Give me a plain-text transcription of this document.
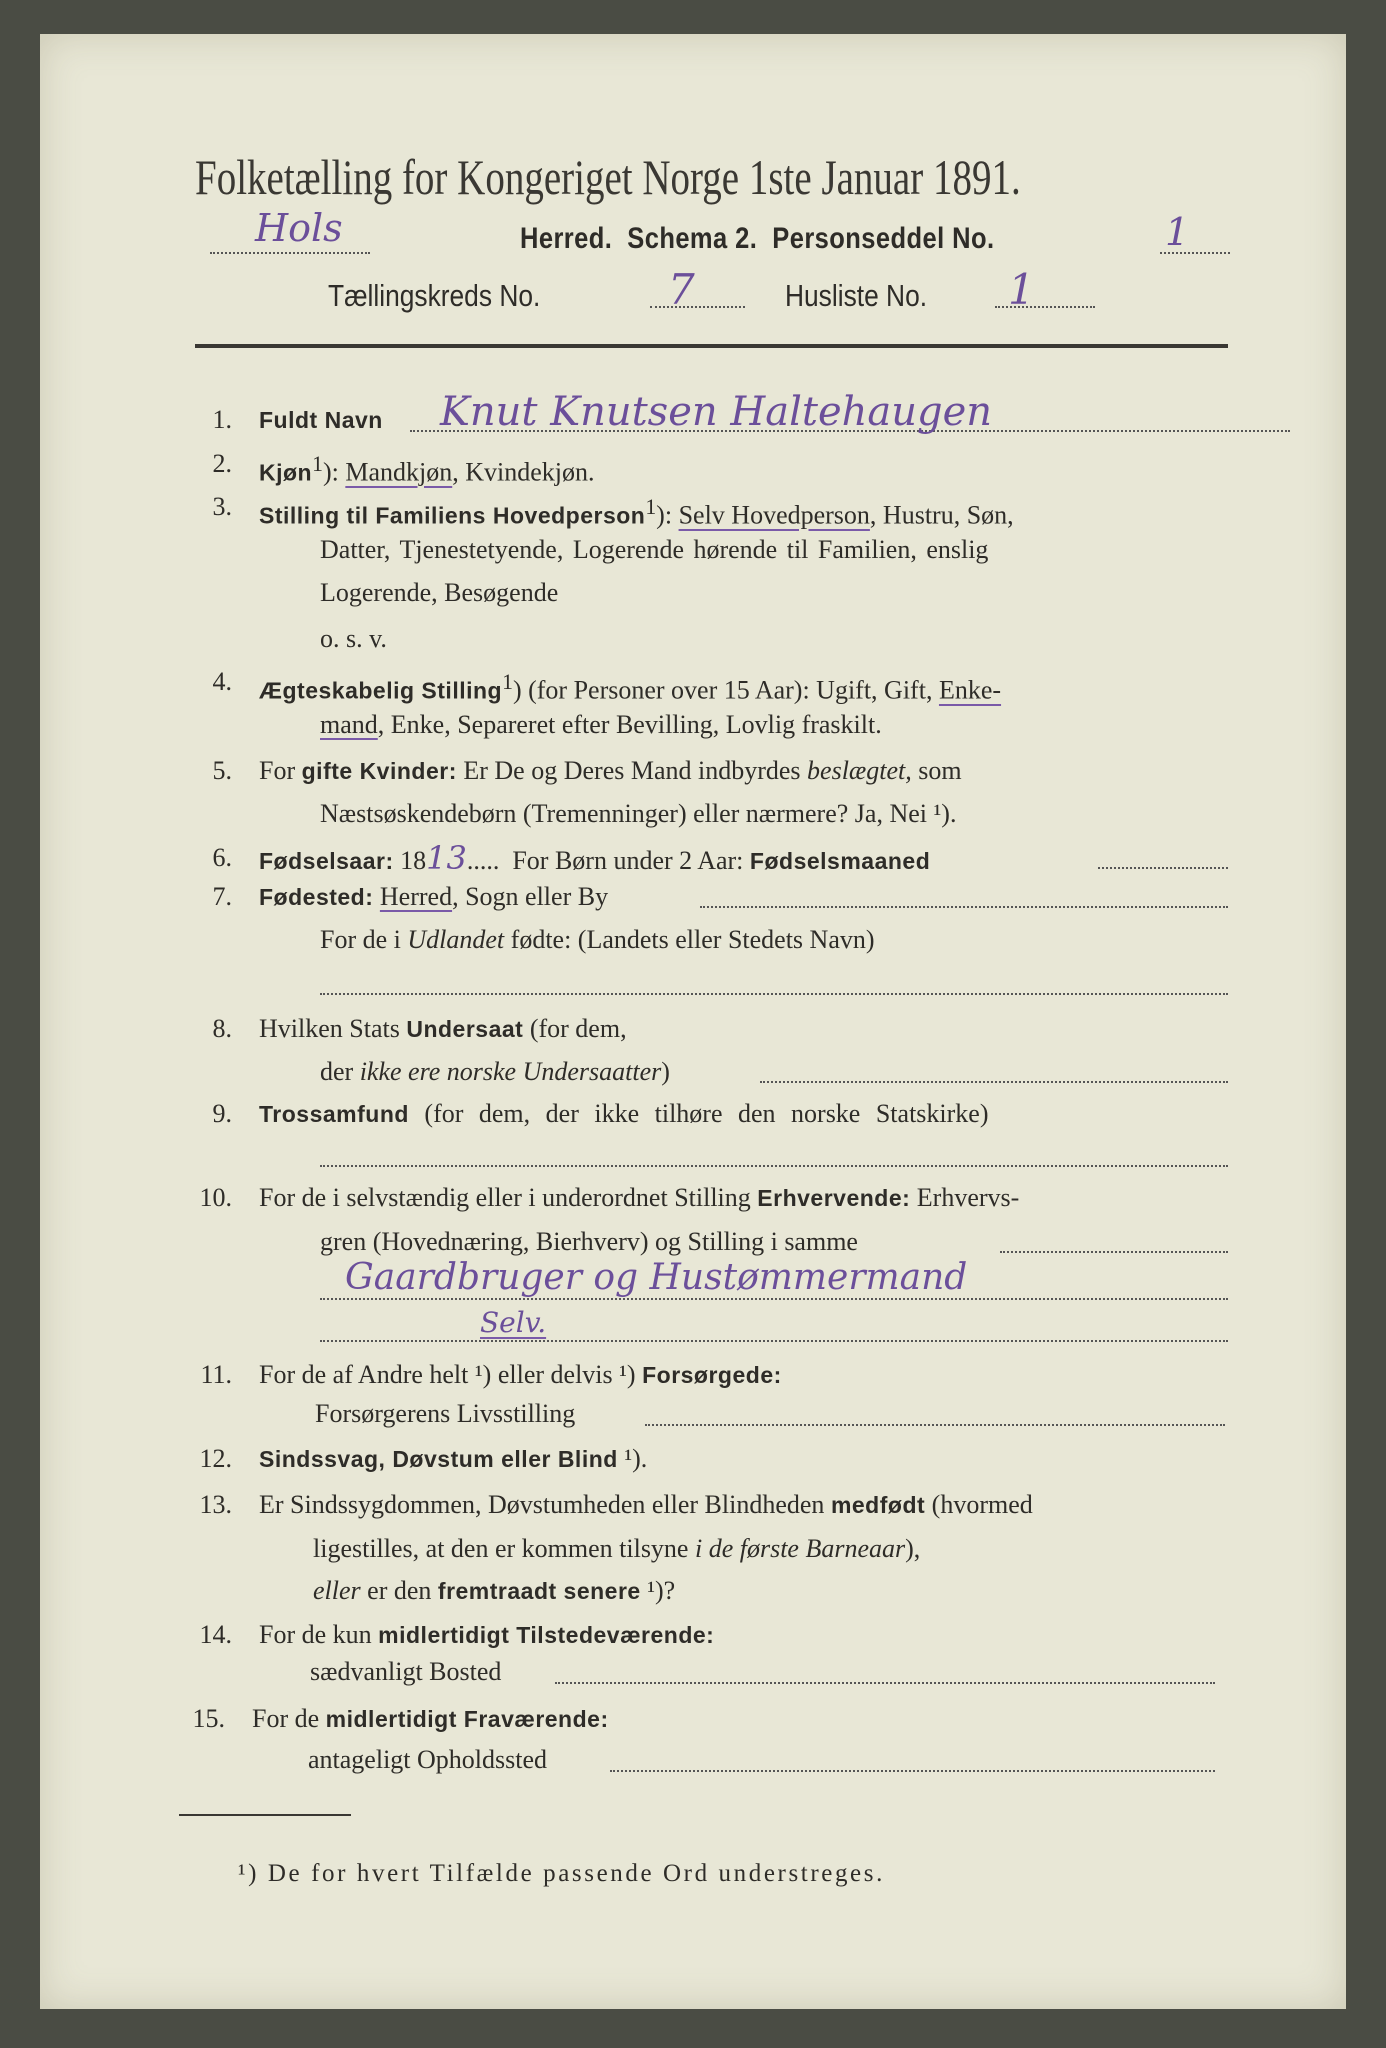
Folketælling for Kongeriget Norge 1ste Januar 1891.
Hols	Herred. Schema 2. Personseddel No.	1
Tællingskreds No.	7	Husliste No. 1
1. Fuldt Navn Knut Knutsen Haltehaugen
2. Kjøn$^1$): Mandkjøn, Kvindekjøn.
3. Stilling til Familiens Hovedperson$^1$): Selv Hovedperson, Hustru, Søn,
Datter, Tjenestetyende, Logerende hørende til Familien, enslig
Logerende, Besøgende
o. s. v.
4. Ægteskabelig Stilling$^1$) (for Personer over 15 Aar): Ugift, Gift, Enke-
mand, Enke, Separeret efter Bevilling, Lovlig fraskilt.
5. For gifte Kvinder: Er De og Deres Mand indbyrdes beslægtet, som
Næstsøskendebørn (Tremenninger) eller nærmere? Ja, Nei ¹).
6. Fødselsaar: 1813.....  For Børn under 2 Aar: Fødselsmaaned
7. Fødested: Herred, Sogn eller By
For de i Udlandet fødte: (Landets eller Stedets Navn)
8. Hvilken Stats Undersaat (for dem,
der ikke ere norske Undersaatter)
9. Trossamfund (for dem, der ikke tilhøre den norske Statskirke)
10. For de i selvstændig eller i underordnet Stilling Erhvervende: Erhvervs-
gren (Hovednæring, Bierhverv) og Stilling i samme
Gaardbruger og Hustømmermand
Selv.
11. For de af Andre helt ¹) eller delvis ¹) Forsørgede:
Forsørgerens Livsstilling
12. Sindssvag, Døvstum eller Blind ¹).
13. Er Sindssygdommen, Døvstumheden eller Blindheden medfødt (hvormed
ligestilles, at den er kommen tilsyne i de første Barneaar),
eller er den fremtraadt senere ¹)?
14. For de kun midlertidigt Tilstedeværende:
sædvanligt Bosted
15. For de midlertidigt Fraværende:
antageligt Opholdssted
¹) De for hvert Tilfælde passende Ord understreges.
